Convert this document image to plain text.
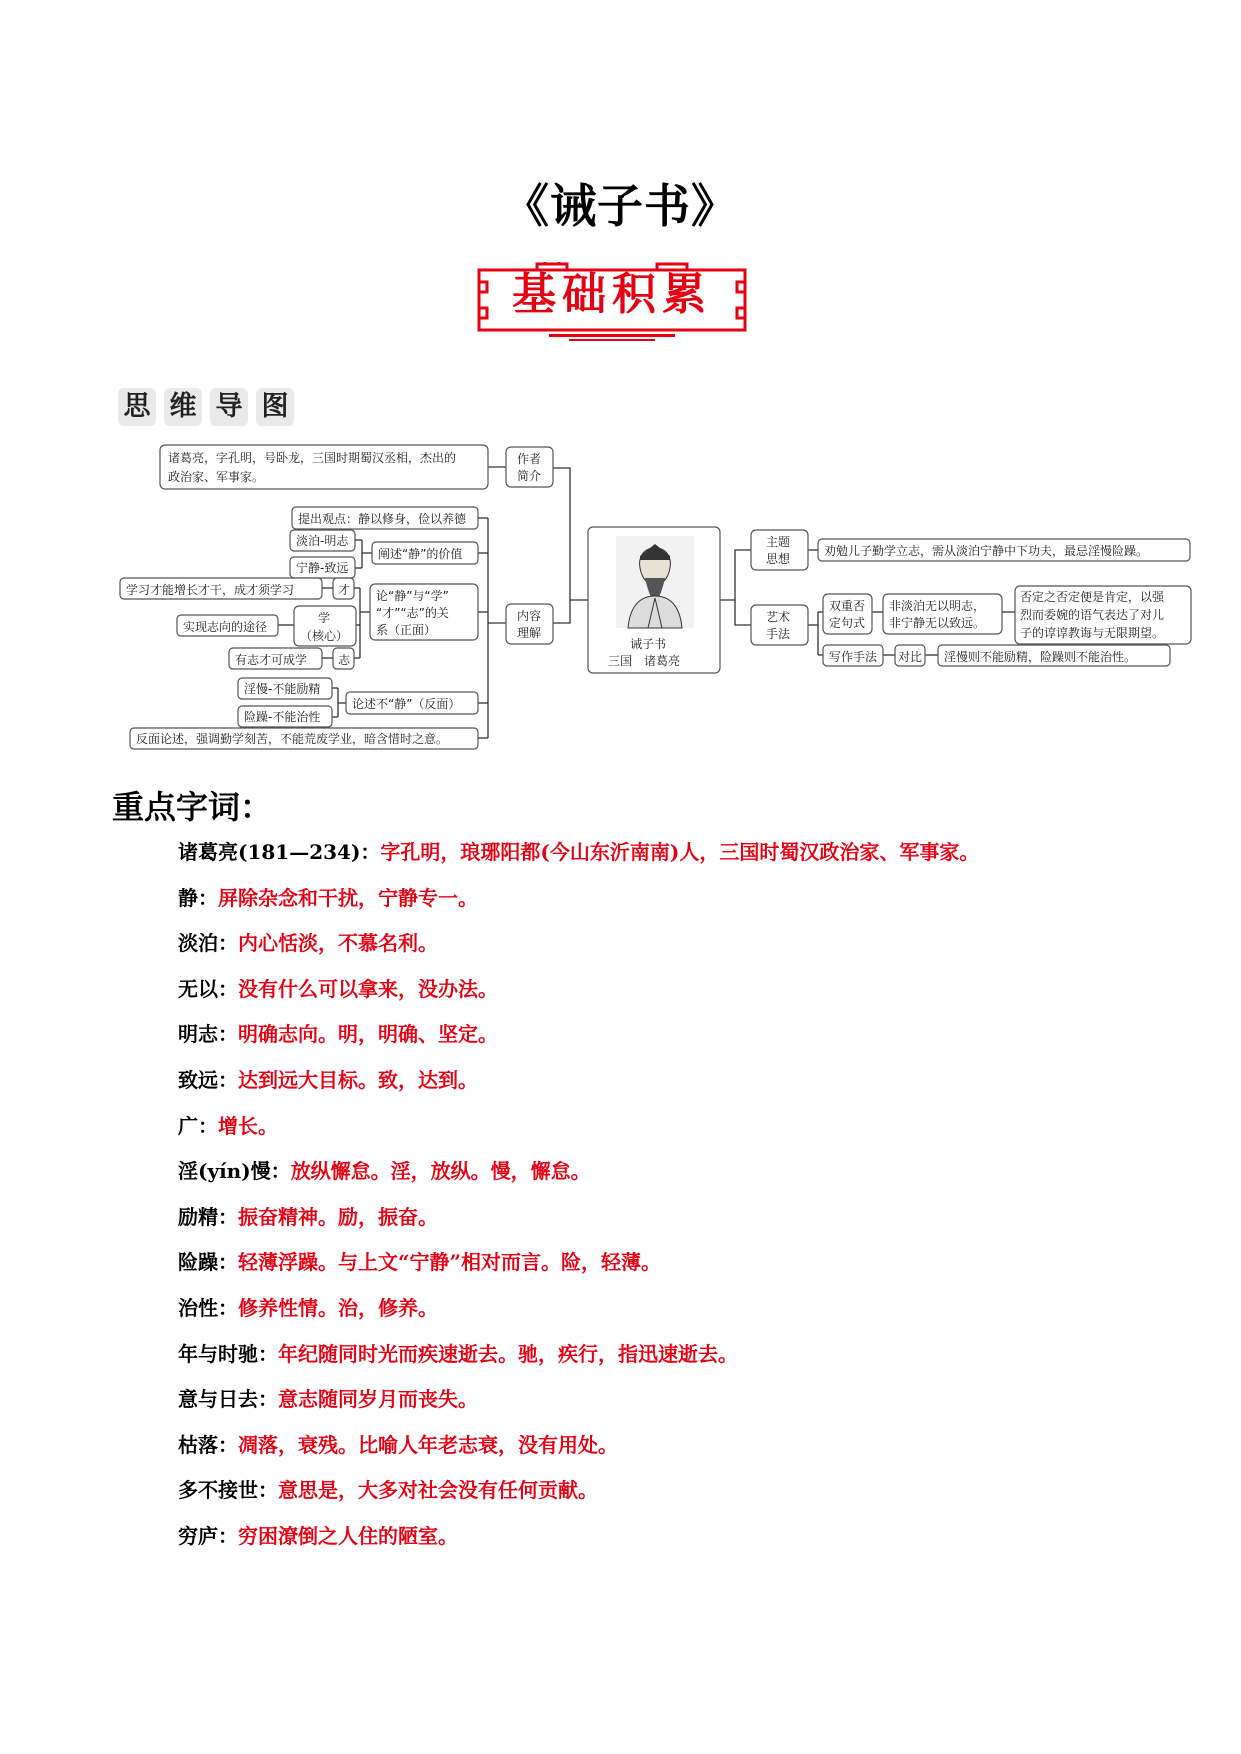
《诫子书》
基础积累
思 维 导 图
诸葛亮，字孔明，号卧龙，三国时期蜀汉丞相，杰出的
政治家、军事家。
作者
简介
内容
理解
提出观点：静以修身，俭以养德
淡泊-明志
宁静-致远
阐述“静”的价值
论“静”与“学”
“才”“志”的关
系（正面）
才
学习才能增长才干，成才须学习
学
（核心）
实现志向的途径
志
有志才可成学
淫慢-不能励精
险躁-不能治性
论述不“静”（反面）
反面论述，强调勤学刻苦，不能荒废学业，暗含惜时之意。
诫子书
三国　诸葛亮
主题
思想
劝勉儿子勤学立志，需从淡泊宁静中下功夫，最忌淫慢险躁。
艺术
手法
双重否
定句式
非淡泊无以明志，
非宁静无以致远。
否定之否定便是肯定，以强
烈而委婉的语气表达了对儿
子的谆谆教诲与无限期望。
写作手法 对比 淫慢则不能励精，险躁则不能治性。
重点字词：
诸葛亮(181—234)：字孔明，琅琊阳都(今山东沂南南)人，三国时蜀汉政治家、军事家。
静：屏除杂念和干扰，宁静专一。
淡泊：内心恬淡，不慕名利。
无以：没有什么可以拿来，没办法。
明志：明确志向。明，明确、坚定。
致远：达到远大目标。致，达到。
广：增长。
淫(yín)慢：放纵懈怠。淫，放纵。慢，懈怠。
励精：振奋精神。励，振奋。
险躁：轻薄浮躁。与上文“宁静”相对而言。险，轻薄。
治性：修养性情。治，修养。
年与时驰：年纪随同时光而疾速逝去。驰，疾行，指迅速逝去。
意与日去：意志随同岁月而丧失。
枯落：凋落，衰残。比喻人年老志衰，没有用处。
多不接世：意思是，大多对社会没有任何贡献。
穷庐：穷困潦倒之人住的陋室。
